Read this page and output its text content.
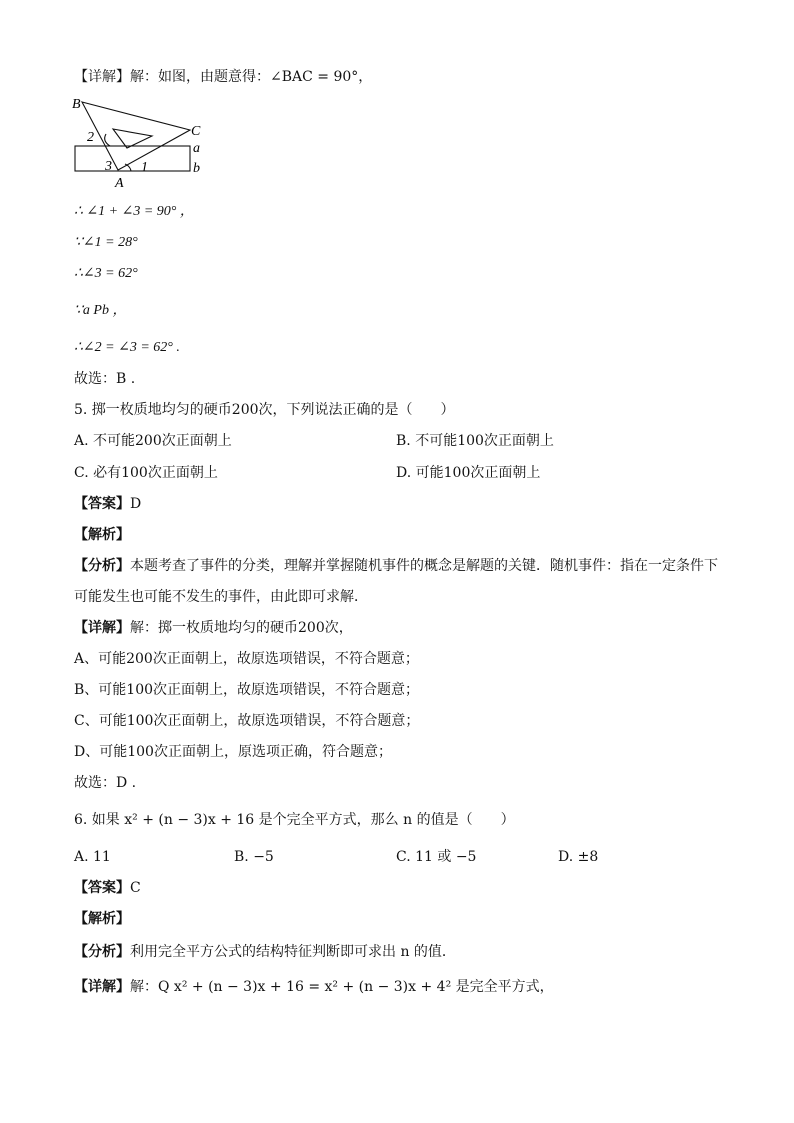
【详解】解：如图，由题意得：∠BAC = 90°，
B
C
A
a
b
2
3 1
∴ ∠1 + ∠3 = 90° ，
∵∠1 = 28°
∴∠3 = 62°
∵a Pb ，
∴∠2 = ∠3 = 62° .
故选：B .
5. 掷一枚质地均匀的硬币200次，下列说法正确的是（　　）
A. 不可能200次正面朝上	B. 不可能100次正面朝上
C. 必有100次正面朝上	D. 可能100次正面朝上
【答案】D
【解析】
【分析】本题考查了事件的分类，理解并掌握随机事件的概念是解题的关键．随机事件：指在一定条件下
可能发生也可能不发生的事件，由此即可求解．
【详解】解：掷一枚质地均匀的硬币200次，
A、可能200次正面朝上，故原选项错误，不符合题意；
B、可能100次正面朝上，故原选项错误，不符合题意；
C、可能100次正面朝上，故原选项错误，不符合题意；
D、可能100次正面朝上，原选项正确，符合题意；
故选：D .
6. 如果 x² + (n − 3)x + 16 是个完全平方式，那么 n 的值是（　　）
A. 11	B. −5	C. 11 或 −5	D. ±8
【答案】C
【解析】
【分析】利用完全平方公式的结构特征判断即可求出 n 的值．
【详解】解：Q x² + (n − 3)x + 16 = x² + (n − 3)x + 4² 是完全平方式，
